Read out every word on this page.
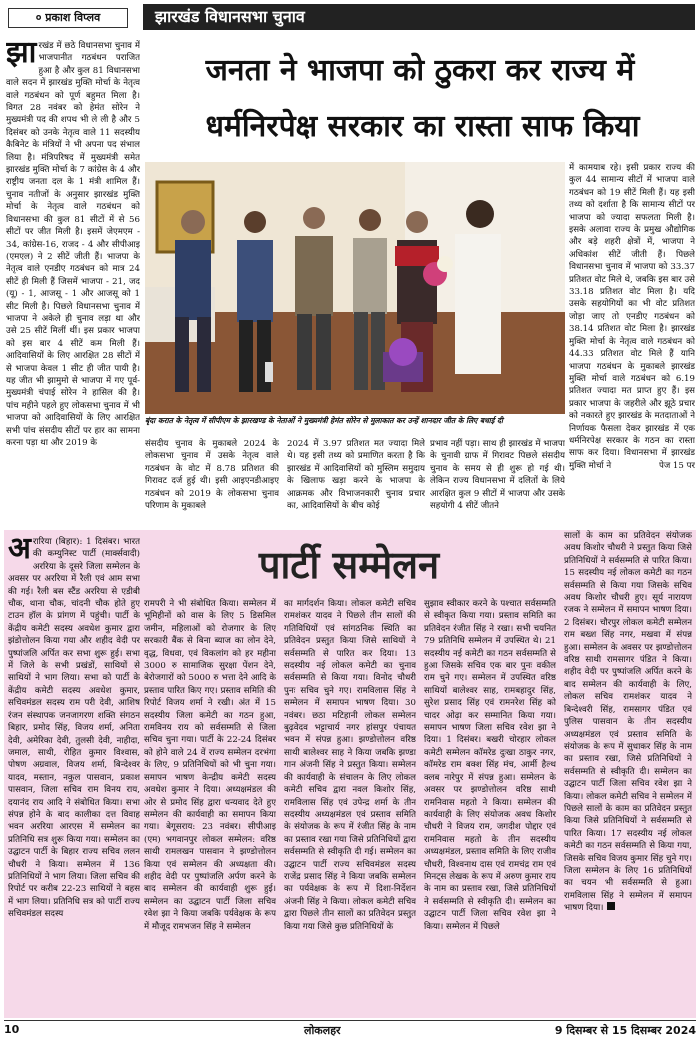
० प्रकाश विप्लव	झारखंड विधानसभा चुनाव
जनता ने भाजपा को ठुकरा कर राज्य में
धर्मनिरपेक्ष सरकार का रास्ता साफ किया
झारखंड में छठे विधानसभा चुनाव में भाजपानीत गठबंधन पराजित हुआ है और कुल 81 विधानसभा वाले सदन में झारखंड मुक्ति मोर्चा के नेतृत्व वाले गठबंधन को पूर्ण बहुमत मिला है। विगत 28 नवंबर को हेमंत सोरेन ने मुख्यमंत्री पद की शपथ भी ले ली है और 5 दिसंबर को उनके नेतृत्व वाले 11 सदस्यीय कैबिनेट के मंत्रियों ने भी अपना पद संभाल लिया है। मंत्रिपरिषद में मुख्यमंत्री समेत झारखंड मुक्ति मोर्चा के 7 कांग्रेस के 4 और राष्ट्रीय जनता दल के 1 मंत्री शामिल हैं। चुनाव नतीजों के अनुसार झारखंड मुक्ति मोर्चा के नेतृत्व वाले गठबंधन को विधानसभा की कुल 81 सीटों में से 56 सीटों पर जीत मिली है। इसमें जेएमएम - 34, कांग्रेस-16, राजद - 4 और सीपीआइ (एमएल) ने 2 सीटें जीती हैं। भाजपा के नेतृत्व वाले एनडीए गठबंधन को मात्र 24 सीटें ही मिली हैं जिसमें भाजपा - 21, जद (यू) - 1, आजसू - 1 और आजसू को 1 सीट मिली है। पिछले विधानसभा चुनाव में भाजपा ने अकेले ही चुनाव लड़ा था और उसे 25 सीटें मिलीं थीं। इस प्रकार भाजपा को इस बार 4 सीटें कम मिली हैं। आदिवासियों के लिए आरक्षित 28 सीटों में से भाजपा केवल 1 सीट ही जीत पायी है। यह जीत भी झामुमो से भाजपा में गए पूर्व-मुख्यमंत्री चंपाई सोरेन ने हासिल की है। पांच महीने पहले हुए लोकसभा चुनाव में भी भाजपा को आदिवासियों के लिए आरक्षित सभी पांच संसदीय सीटों पर हार का सामना करना पड़ा था और 2019 के
बृंदा करात के नेतृत्व में सीपीएम के झारखण्ड के नेताओं ने मुख्यमंत्री हेमंत सोरेन से मुलाकात कर उन्हें शानदार जीत के लिए बधाई दी
में कामयाब रहे। इसी प्रकार राज्य की कुल 44 सामान्य सीटों में भाजपा वाले गठबंधन को 19 सीटें मिली हैं। यह इसी तथ्य को दर्शाता है कि सामान्य सीटों पर भाजपा को ज्यादा सफलता मिली है। इसके अलावा राज्य के प्रमुख औद्योगिक और बड़े शहरी क्षेत्रों में, भाजपा ने अधिकांश सीटें जीती हैं। पिछले विधानसभा चुनाव में भाजपा को 33.37 प्रतिशत वोट मिले थे, जबकि इस बार उसे 33.18 प्रतिशत वोट मिला है। यदि उसके सहयोगियों का भी वोट प्रतिशत जोड़ा जाए तो एनडीए गठबंधन को 38.14 प्रतिशत वोट मिला है। झारखंड मुक्ति मोर्चा के नेतृत्व वाले गठबंधन को 44.33 प्रतिशत वोट मिले हैं यानि भाजपा गठबंधन के मुकाबले झारखंड मुक्ति मोर्चा वाले गठबंधन को 6.19 प्रतिशत ज्यादा मत प्राप्त हुए हैं। इस प्रकार भाजपा के जहरीले और झूठे प्रचार को नकारते हुए झारखंड के मतदाताओं ने निर्णायक फैसला देकर झारखंड में एक धर्मनिरपेक्ष सरकार के गठन का रास्ता साफ कर दिया। विधानसभा में झारखंड मुक्ति मोर्चा ने	पेज 15 पर
संसदीय चुनाव के मुकाबले 2024 के लोकसभा चुनाव में उसके नेतृत्व वाले गठबंधन के वोट में 8.78 प्रतिशत की गिरावट दर्ज हुई थी। इसी आइएनडीआइए गठबंधन को 2019 के लोकसभा चुनाव परिणाम के मुकाबले
2024 में 3.97 प्रतिशत मत ज्यादा मिले थे। यह इसी तथ्य को प्रमाणित करता है कि झारखंड में आदिवासियों को मुस्लिम समुदाय के खिलाफ खड़ा करने के भाजपा के आक्रमक और विभाजनकारी चुनाव प्रचार का, आदिवासियों के बीच कोई
प्रभाव नहीं पड़ा। साथ ही झारखंड में भाजपा के चुनावी ग्राफ में गिरावट पिछले संसदीय चुनाव के समय से ही शुरू हो गई थी। लेकिन राज्य विधानसभा में दलितों के लिये आरक्षित कुल 9 सीटों में भाजपा और उसके सहयोगी 4 सीटें जीतने
अरारिया (बिहार): 1 दिसंबर। भारत की कम्युनिस्ट पार्टी (मार्क्सवादी) अररिया के दूसरे जिला सम्मेलन के अवसर पर अररिया में रैली एवं आम सभा की गई। रैली बस स्टैंड अररिया से एडीबी चौक, थाना चौक, चांदनी चौक होते हुए टाउन हॉल के प्रांगण में पहुंची। पार्टी के केंद्रीय कमेटी सदस्य अवधेश कुमार द्वारा झंडोत्तोलन किया गया और शहीद वेदी पर पुष्पांजलि अर्पित कर सभा शुरू हुई। सभा में जिले के सभी प्रखंडों, साथियों से साथियों ने भाग लिया। सभा को पार्टी के केंद्रीय कमेटी सदस्य अवधेश कुमार, सचिवमंडल सदस्य राम परी देवी, आशिष रंजन संस्थापक जनजागरण शक्ति संगठन बिहार, प्रमोद सिंह, विजय शर्मा, अनिता देवी, अमेरिका देवी, तुलसी देवी, नाहीदा, जमाल, साथी, रोहित कुमार विश्वास, पोषण अग्रवाल, विजय शर्मा, बिन्देश्वर यादव, मस्तान, नकुल पासवान, प्रकाश पासवान, जिला सचिव राम विनय राय, दयानंद राय आदि ने संबोधित किया। सभा संपन्न होने के बाद कालीका दत्त विवाह भवन अररिया आरएस में सम्मेलन का प्रतिनिधि सत्र शुरू किया गया। सम्मेलन का उद्घाटन पार्टी के बिहार राज्य सचिव ललन चौधरी ने किया। सम्मेलन में 136 प्रतिनिधियों ने भाग लिया। जिला सचिव की रिपोर्ट पर करीब 22-23 साथियों ने बहस में भाग लिया। प्रतिनिधि सत्र को पार्टी राज्य सचिवमंडल सदस्य
पार्टी सम्मेलन
रामपरी ने भी संबोधित किया। सम्मेलन में भूमिहीनों को वास के लिए 5 डिसमिल जमीन, महिलाओं को रोजगार के लिए सरकारी बैंक से बिना ब्याज का लोन देने, वृद्ध, विधवा, एवं विकलांग को हर महीना 3000 रु सामाजिक सुरक्षा पेंशन देने, बेरोजगारों को 5000 रु भत्ता देने आदि के प्रस्ताव पारित किए गए। प्रस्ताव समिति की रिपोर्ट विजय शर्मा ने रखी। अंत में 15 सदस्यीय जिला कमेटी का गठन हुआ, रामविनय राय को सर्वसम्मति से जिला सचिव चुना गया। पार्टी के 22-24 दिसंबर को होने वाले 24 वें राज्य सम्मेलन दरभंगा के लिए, 9 प्रतिनिधियों को भी चुना गया। समापन भाषण केन्द्रीय कमेटी सदस्य अवधेश कुमार ने दिया। अध्यक्षमंडल की ओर से प्रमोद सिंह द्वारा धन्यवाद देते हुए सम्मेलन की कार्यवाही का समापन किया गया। बेगूसराय: 23 नवंबर। सीपीआइ (एम) भगवानपुर लोकल सम्मेलन: वरिष्ठ साथी रामलखन पासवान ने झण्डोत्तोलन किया एवं सम्मेलन की अध्यक्षता की। शहीद वेदी पर पुष्पांजलि अर्पण करने के बाद सम्मेलन की कार्यवाही शुरू हुई। सम्मेलन का उद्घाटन पार्टी जिला सचिव रवेश झा ने किया जबकि पर्यवेक्षक के रूप में मौजूद रामभजन सिंह ने सम्मेलन
का मार्गदर्शन किया। लोकल कमेटी सचिव रामशंकर यादव ने पिछले तीन सालों की गतिविधियों एवं सांगठनिक स्थिति का प्रतिवेदन प्रस्तुत किया जिसे साथियों ने सर्वसम्मति से पारित कर दिया। 13 सदस्यीय नई लोकल कमेटी का चुनाव सर्वसम्मति से किया गया। विनोद चौधरी पुनः सचिव चुने गए। रामविलास सिंह ने सम्मेलन में समापन भाषण दिया। 30 नवंबर। छठा मटिहानी लोकल सम्मेलन बुढ़वेदव भट्टाचार्य नगर हांसपुर पंचायत भवन में संपन्न हुआ। झण्डोत्तोलन वरिष्ठ साथी बालेश्वर साह ने किया जबकि झण्डा गान अंजनी सिंह ने प्रस्तुत किया। सम्मेलन की कार्यवाही के संचालन के लिए लोकल कमेटी सचिव द्वारा नवल किशोर सिंह, रामविलास सिंह एवं उपेन्द्र शर्मा के तीन सदस्यीय अध्यक्षमंडल एवं प्रस्ताव समिति के संयोजक के रूप में रंजीत सिंह के नाम का प्रस्ताव रखा गया जिसे प्रतिनिधियों द्वारा सर्वसम्मति से स्वीकृति दी गई। सम्मेलन का उद्घाटन पार्टी राज्य सचिवमंडल सदस्य राजेंद्र प्रसाद सिंह ने किया जबकि सम्मेलन का पर्यवेक्षक के रूप में दिशा-निर्देशन अंजनी सिंह ने किया। लोकल कमेटी सचिव द्वारा पिछले तीन सालों का प्रतिवेदन प्रस्तुत किया गया जिसे कुछ प्रतिनिधियों के
सुझाव स्वीकार करने के पश्चात सर्वसम्मति से स्वीकृत किया गया। प्रस्ताव समिति का प्रतिवेदन रंजीत सिंह ने रखा। सभी चयनित 79 प्रतिनिधि सम्मेलन में उपस्थित थे। 21 सदस्यीय नई कमेटी का गठन सर्वसम्मति से हुआ जिसके सचिव एक बार पुनः वकील राम चुने गए। सम्मेलन में उपस्थित वरिष्ठ साथियों बालेश्वर साह, रामबहादुर सिंह, सुरेश प्रसाद सिंह एवं रामनरेश सिंह को चादर ओढ़ा कर सम्मानित किया गया। समापन भाषण जिला सचिव रवेश झा ने दिया। 1 दिसंबर। बखरी चोरहार लोकल कमेटी सम्मेलन कॉमरेड दुःखा ठाकुर नगर, कॉमरेड राम बक्श सिंह मंच, आर्मी हैल्थ क्लब नारेपुर में संपन्न हुआ। सम्मेलन के अवसर पर झण्डोत्तोलन वरिष्ठ साथी रामनिवास महतो ने किया। सम्मेलन की कार्यवाही के लिए संयोजक अवध किशोर चौधरी ने विजय राम, जगदीश पोद्दार एवं रामनिवास महतो के तीन सदस्यीय अध्यक्षमंडल, प्रस्ताव समिति के लिए राजीव चौधरी, विश्वनाथ दास एवं रामचंद्र राम एवं मिनट्स लेखक के रूप में अरुण कुमार राय के नाम का प्रस्ताव रखा, जिसे प्रतिनिधियों ने सर्वसम्मति से स्वीकृति दी। सम्मेलन का उद्घाटन पार्टी जिला सचिव रवेश झा ने किया। सम्मेलन में पिछले
सालों के काम का प्रतिवेदन संयोजक अवध किशोर चौधरी ने प्रस्तुत किया जिसे प्रतिनिधियों ने सर्वसम्मति से पारित किया। 15 सदस्यीय नई लोकल कमेटी का गठन सर्वसम्मति से किया गया जिसके सचिव अवध किशोर चौधरी हुए। सूर्य नारायण रजक ने सम्मेलन में समापन भाषण दिया। 2 दिसंबर। चौरपुर लोकल कमेटी सम्मेलन राम बख्श सिंह नगर, मखवा में संपन्न हुआ। सम्मेलन के अवसर पर झण्डोत्तोलन वरिष्ठ साथी रामसागर पंडित ने किया। शहीद वेदी पर पुष्पांजलि अर्पित करने के बाद सम्मेलन की कार्यवाही के लिए, लोकल सचिव रामशंकर यादव ने बिन्देश्वरी सिंह, रामसागर पंडित एवं पुलिस पासवान के तीन सदस्यीय अध्यक्षमंडल एवं प्रस्ताव समिति के संयोजक के रूप में सुधाकर सिंह के नाम का प्रस्ताव रखा, जिसे प्रतिनिधियों ने सर्वसम्मति से स्वीकृति दी। सम्मेलन का उद्घाटन पार्टी जिला सचिव रवेश झा ने किया। लोकल कमेटी सचिव ने सम्मेलन में पिछले सालों के काम का प्रतिवेदन प्रस्तुत किया जिसे प्रतिनिधियों ने सर्वसम्मति से पारित किया। 17 सदस्यीय नई लोकल कमेटी का गठन सर्वसम्मति से किया गया, जिसके सचिव विजय कुमार सिंह चुने गए। जिला सम्मेलन के लिए 16 प्रतिनिधियों का चयन भी सर्वसम्मति से हुआ। रामविलास सिंह ने सम्मेलन में समापन भाषण दिया।
10	लोकलहर	9 दिसम्बर से 15 दिसम्बर 2024
